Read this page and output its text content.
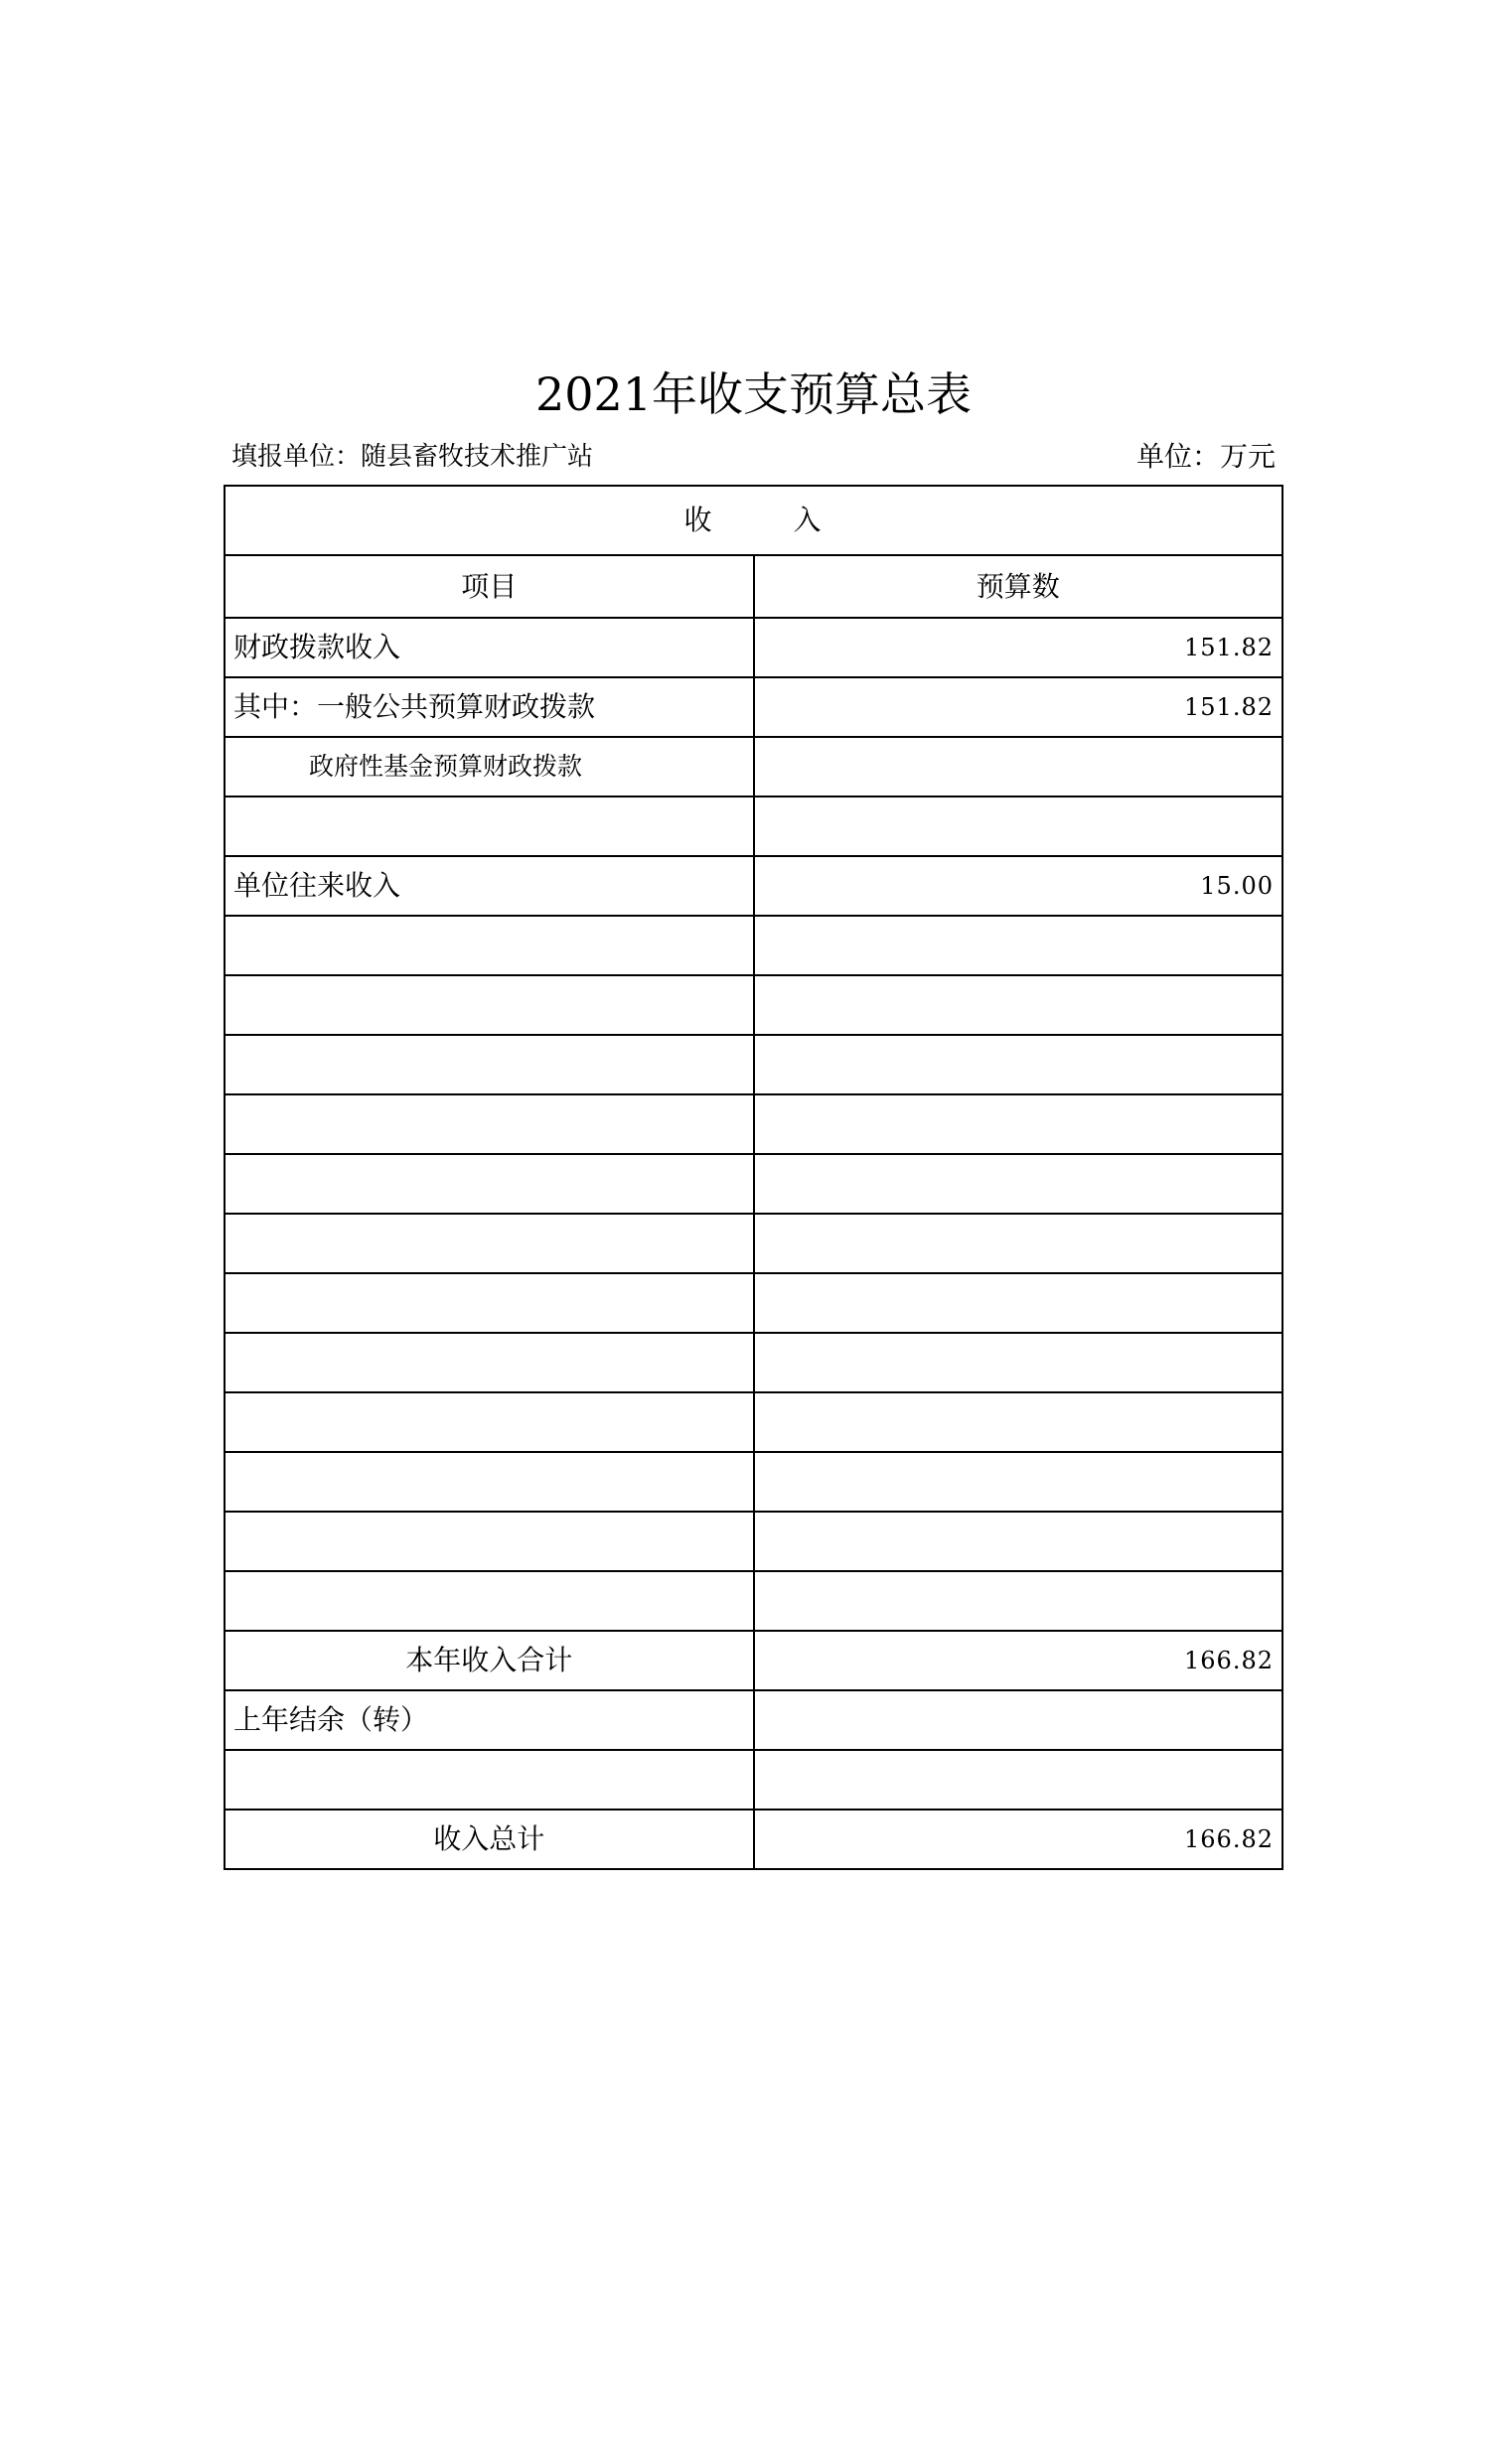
2021年收支预算总表
填报单位：随县畜牧技术推广站	单位：万元
收 入	
项目	预算数
财政拨款收入	151.82
其中：一般公共预算财政拨款	151.82
政府性基金预算财政拨款	

单位往来收入	15.00

本年收入合计	166.82
上年结余（转）	

收入总计	166.82
